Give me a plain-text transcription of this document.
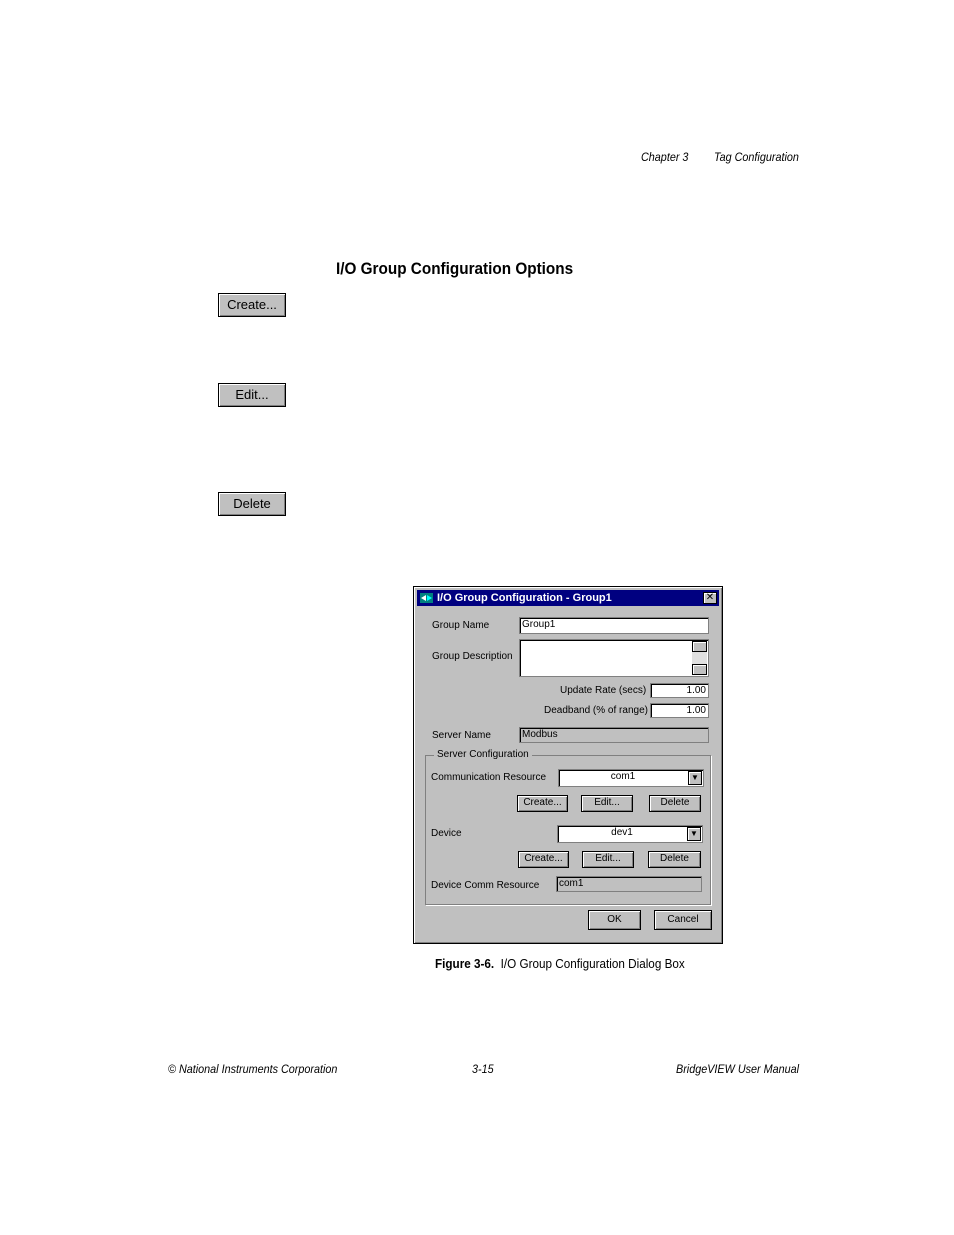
Chapter 3 Tag Configuration
I/O Group Configuration Options
Create...
Edit...
Delete
I/O Group Configuration - Group1	✕
Group Name	Group1
Group Description
Update Rate (secs)	1.00
Deadband (% of range)	1.00
Server Name	Modbus
Server Configuration
Communication Resource	com1	▼
Create...	Edit...	Delete
Device	dev1	▼
Create...	Edit...	Delete
Device Comm Resource	com1
OK	Cancel
Figure 3-6. I/O Group Configuration Dialog Box
© National Instruments Corporation	3-15	BridgeVIEW User Manual
